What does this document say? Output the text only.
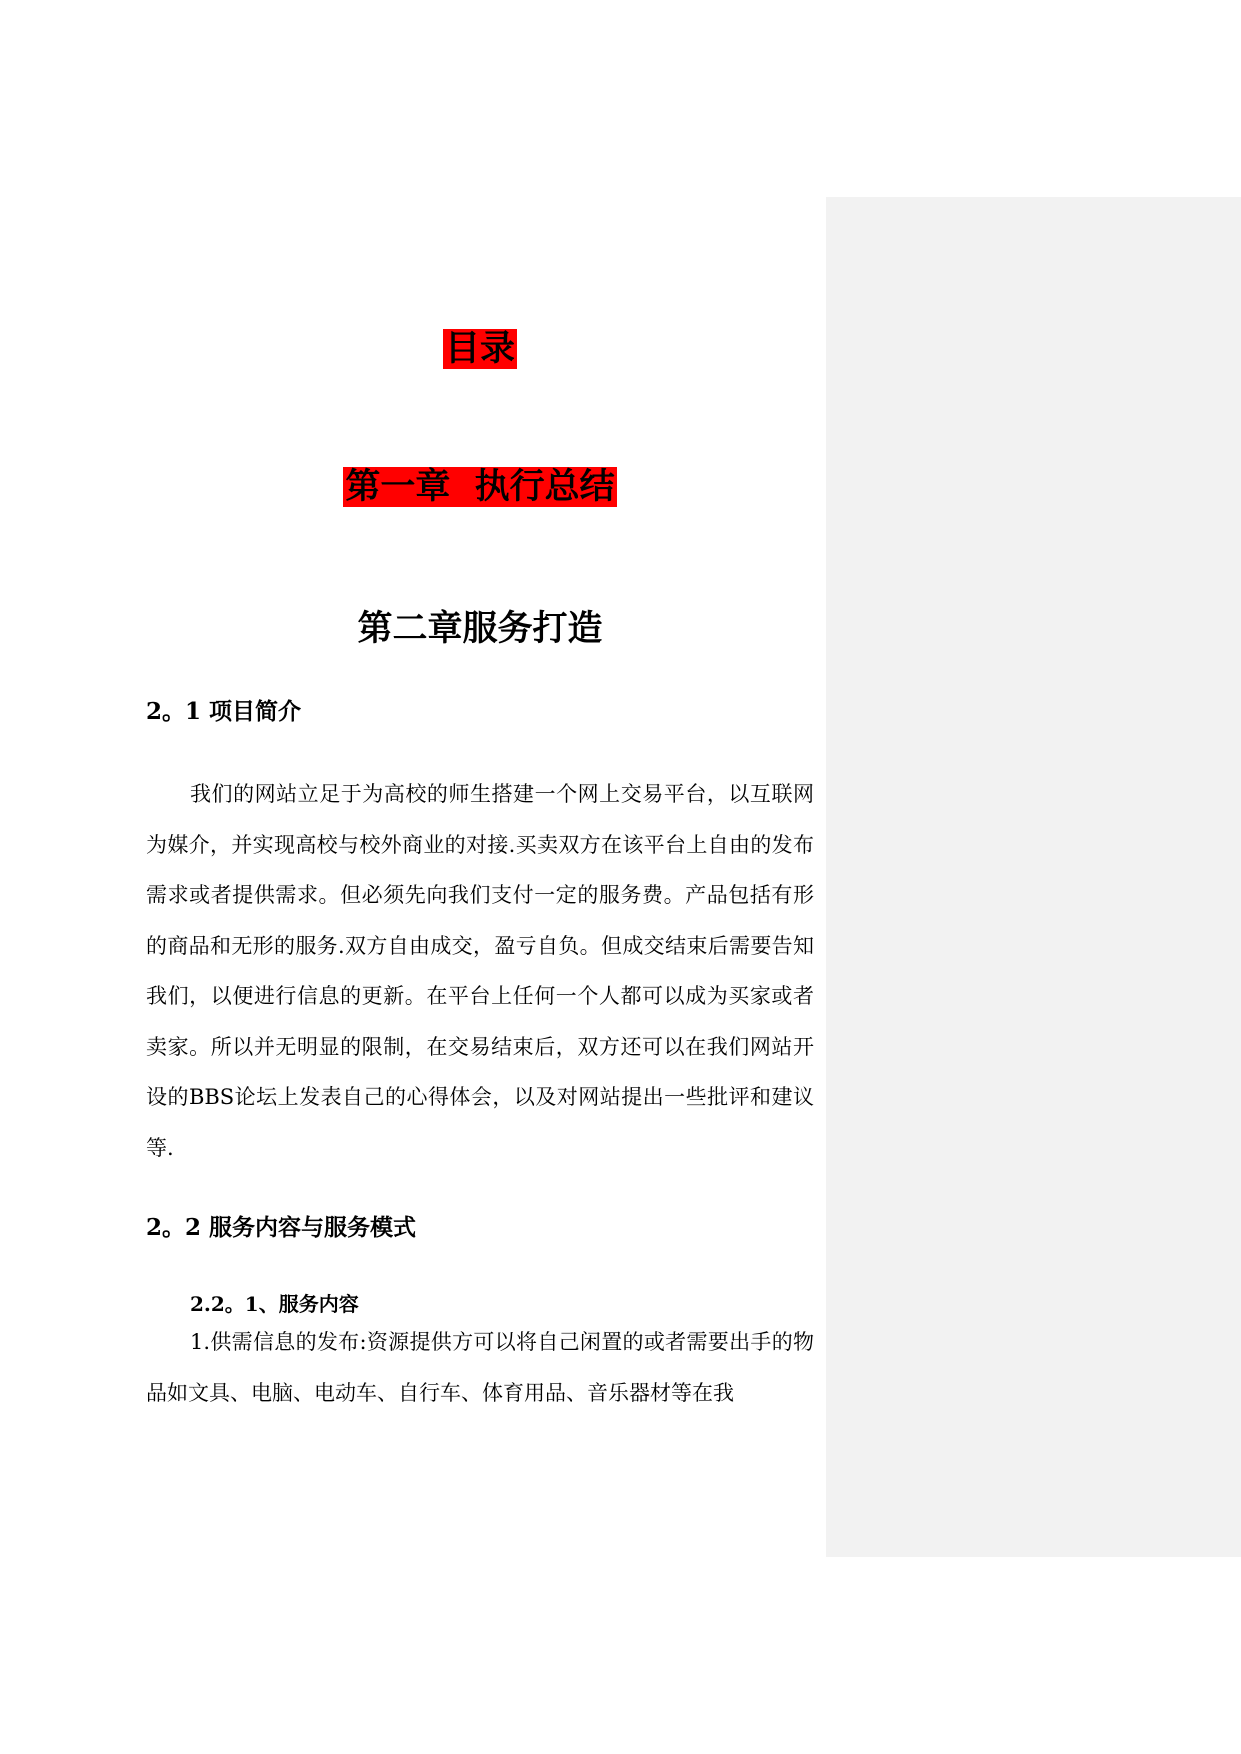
目录
第一章  执行总结
第二章服务打造
2。1 项目简介

我们的网站立足于为高校的师生搭建一个网上交易平台，以互联网为媒介，并实现高校与校外商业的对接.买卖双方在该平台上自由的发布需求或者提供需求。但必须先向我们支付一定的服务费。产品包括有形的商品和无形的服务.双方自由成交，盈亏自负。但成交结束后需要告知我们，以便进行信息的更新。在平台上任何一个人都可以成为买家或者卖家。所以并无明显的限制，在交易结束后，双方还可以在我们网站开设的BBS论坛上发表自己的心得体会，以及对网站提出一些批评和建议等.

2。2 服务内容与服务模式
2.2。1、服务内容

1.供需信息的发布:资源提供方可以将自己闲置的或者需要出手的物品如文具、电脑、电动车、自行车、体育用品、音乐器材等在我
